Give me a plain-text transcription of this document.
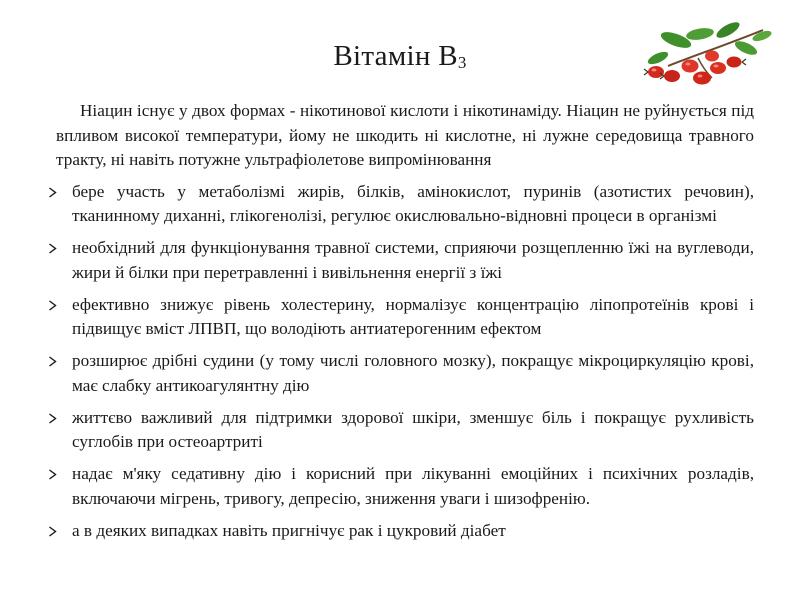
Вітамін В3

Ніацин існує у двох формах - нікотинової кислоти і нікотинаміду. Ніацин не руйнується під впливом високої температури, йому не шкодить ні кислотне, ні лужне середовища травного тракту, ні навіть потужне ультрафіолетове випромінювання

бере участь у метаболізмі жирів, білків, амінокислот, пуринів (азотистих речовин), тканинному диханні, глікогенолізі, регулює окислювально-відновні процеси в організмі
необхідний для функціонування травної системи, сприяючи розщепленню їжі на вуглеводи, жири й білки при перетравленні і вивільнення енергії з їжі
ефективно знижує рівень холестерину, нормалізує концентрацію ліпопротеїнів крові і підвищує вміст ЛПВП, що володіють антиатерогенним ефектом
розширює дрібні судини (у тому числі головного мозку), покращує мікроциркуляцію крові, має слабку антикоагулянтну дію
життєво важливий для підтримки здорової шкіри, зменшує біль і покращує рухливість суглобів при остеоартриті
надає м'яку седативну дію і корисний при лікуванні емоційних і психічних розладів, включаючи мігрень, тривогу, депресію, зниження уваги і шизофренію.
а в деяких випадках навіть пригнічує рак і цукровий діабет
